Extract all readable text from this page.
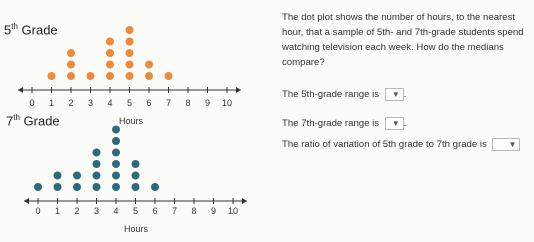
5th Grade
0 1 2 3 4 5 6 7 8 9 10
Hours
7th Grade
0 1 2 3 4 5 6 7 8 9 10
Hours

The dot plot shows the number of hours, to the nearest hour, that a sample of 5th- and 7th-grade students spend watching television each week. How do the medians compare?

The 5th-grade range is ▼ .
The 7th-grade range is ▼ .
The ratio of variation of 5th grade to 7th grade is	▼
